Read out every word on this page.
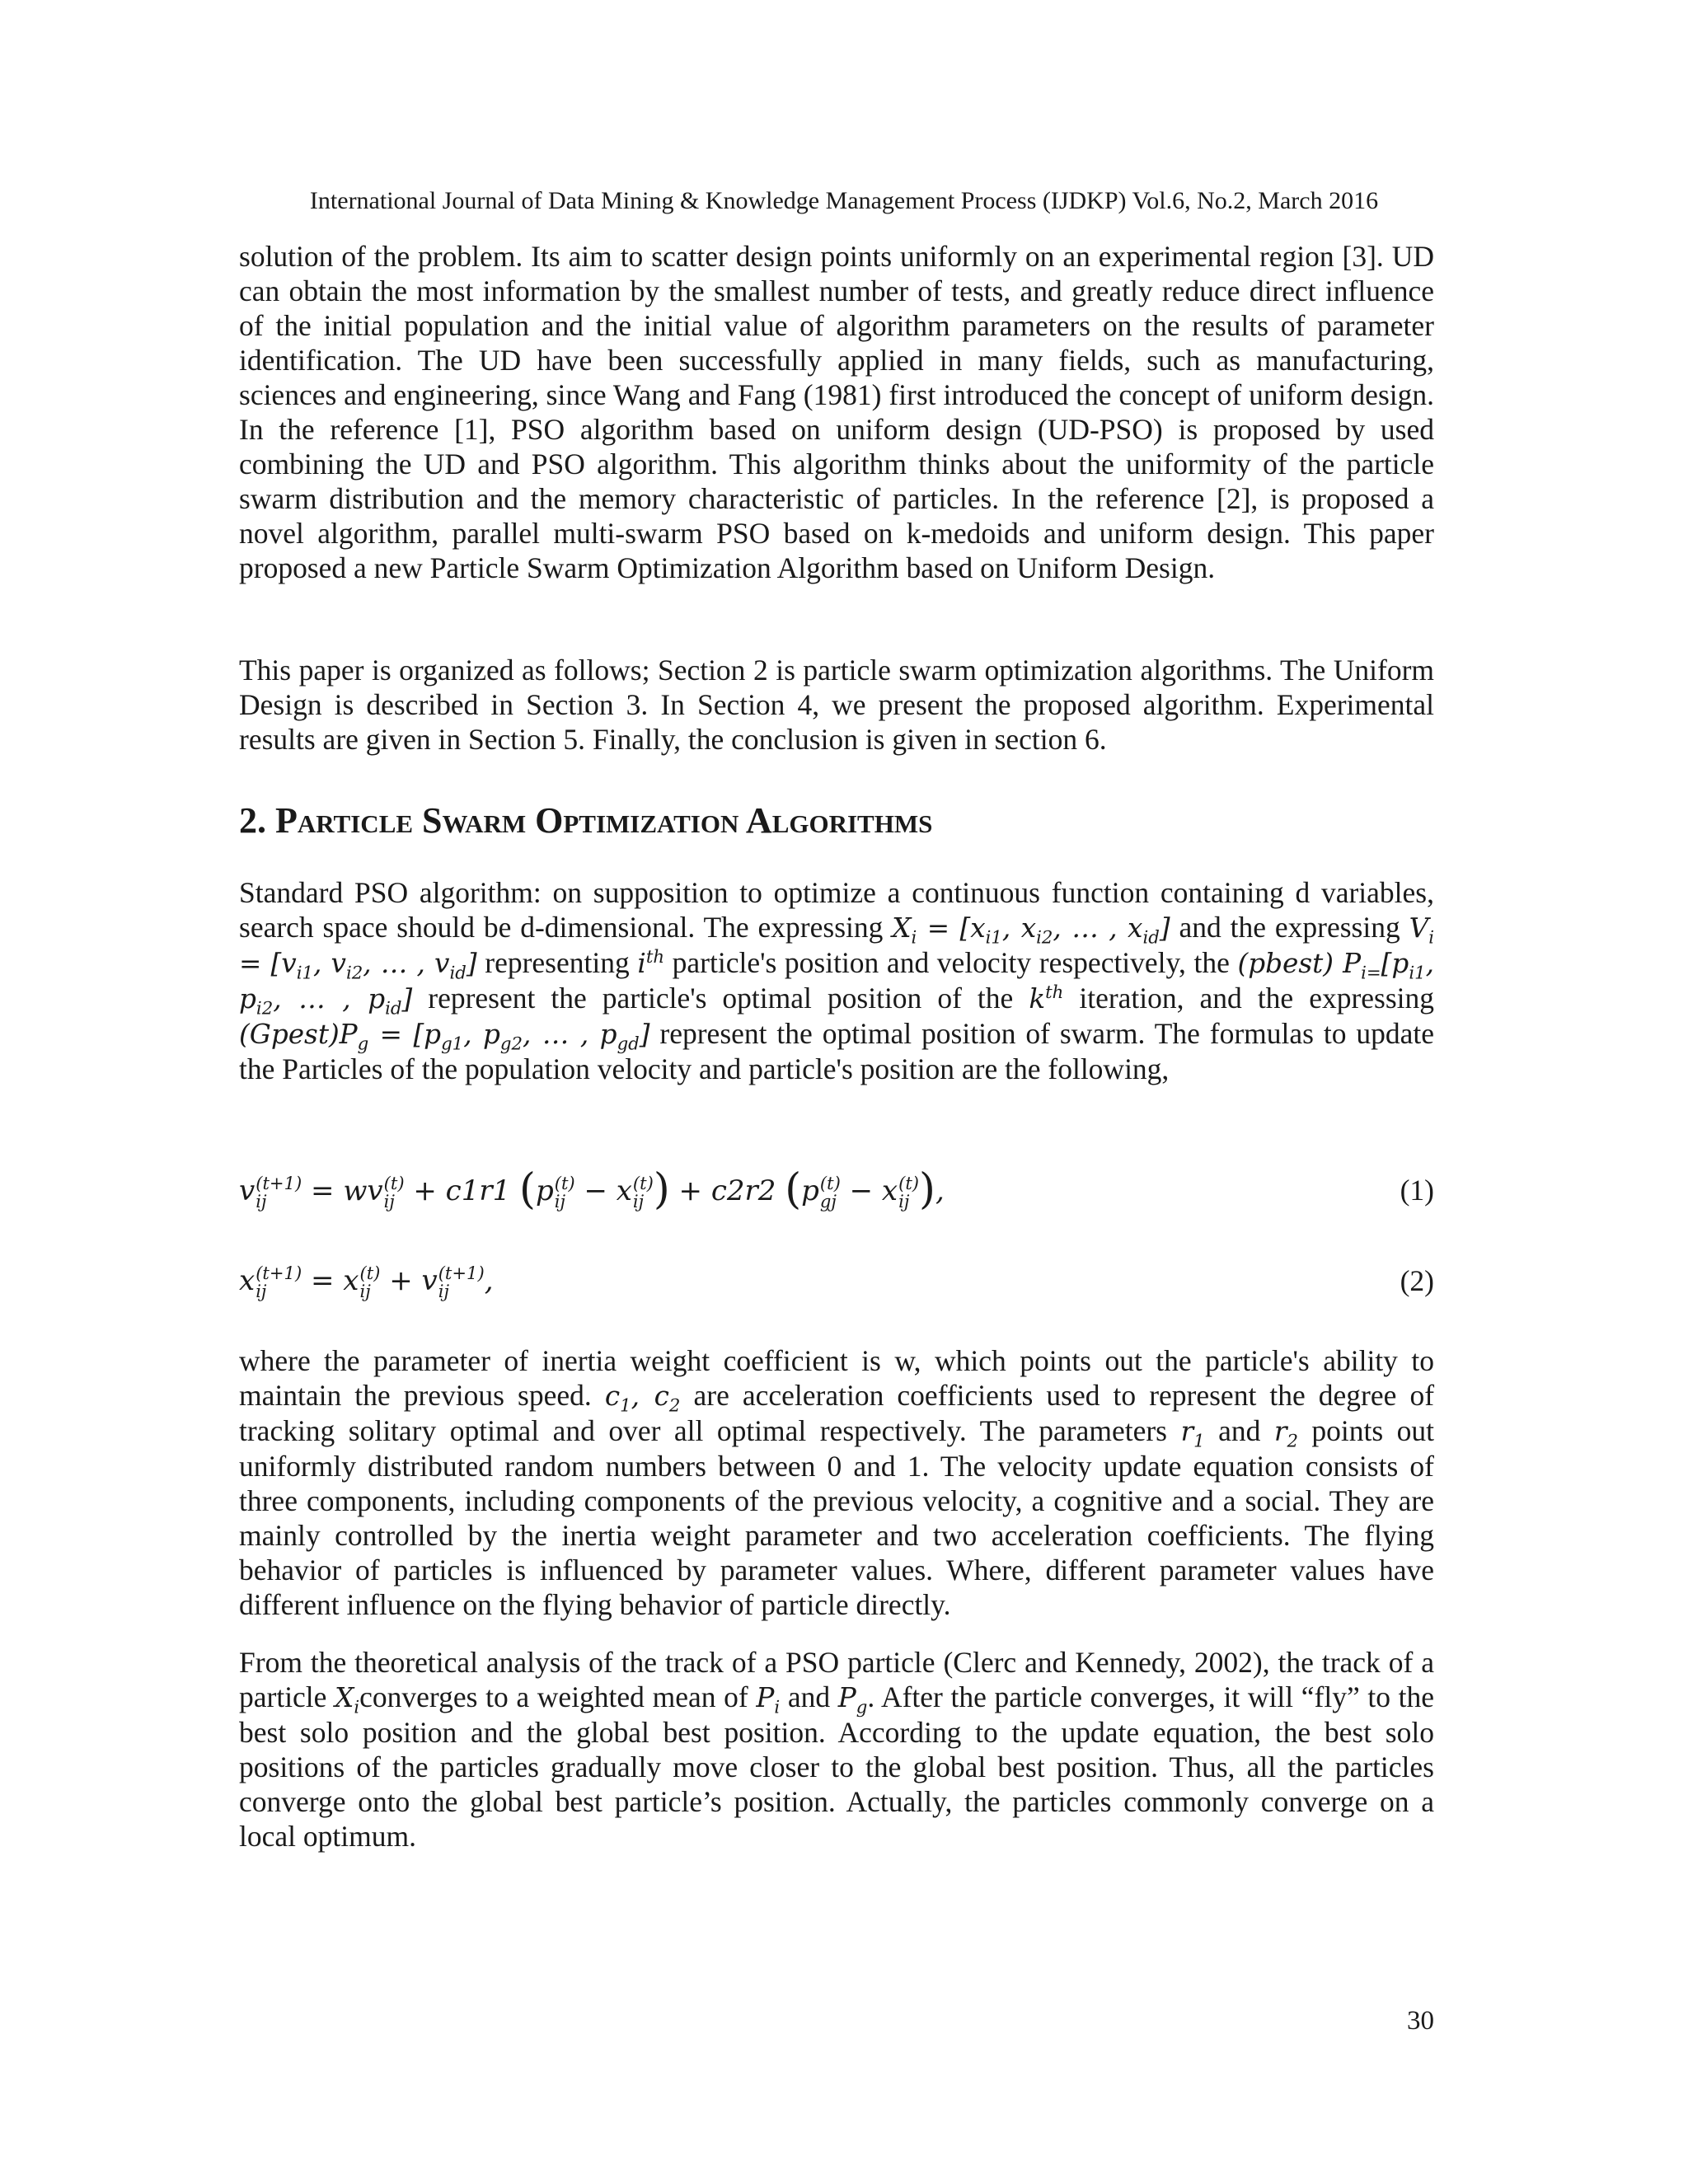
International Journal of Data Mining & Knowledge Management Process (IJDKP) Vol.6, No.2, March 2016

solution of the problem. Its aim to scatter design points uniformly on an experimental region [3]. UD can obtain the most information by the smallest number of tests, and greatly reduce direct influence of the initial population and the initial value of algorithm parameters on the results of parameter identification. The UD have been successfully applied in many fields, such as manufacturing, sciences and engineering, since Wang and Fang (1981) first introduced the concept of uniform design. In the reference [1], PSO algorithm based on uniform design (UD-PSO) is proposed by used combining the UD and PSO algorithm. This algorithm thinks about the uniformity of the particle swarm distribution and the memory characteristic of particles. In the reference [2], is proposed a novel algorithm, parallel multi-swarm PSO based on k-medoids and uniform design. This paper proposed a new Particle Swarm Optimization Algorithm based on Uniform Design.

This paper is organized as follows; Section 2 is particle swarm optimization algorithms. The Uniform Design is described in Section 3. In Section 4, we present the proposed algorithm. Experimental results are given in Section 5. Finally, the conclusion is given in section 6.

2. Particle Swarm Optimization Algorithms

Standard PSO algorithm: on supposition to optimize a continuous function containing d variables, search space should be d-dimensional. The expressing $X_i = [x_{i1}$, $x_{i2}$, … , $x_{id}$] and the expressing $V_i = [v_{i1}$, $v_{i2}$, … , $v_{id}$] representing $i^{th}$ particle's position and velocity respectively, the (pbest) $P_{i=}[p_{i1}$, $p_{i2}$, … , $p_{id}$] represent the particle's optimal position of the $k^{th}$ iteration, and the expressing $(Gpest)P_g = [p_{g1}$, $p_{g2}$, … , $p_{gd}$] represent the optimal position of swarm. The formulas to update the Particles of the population velocity and particle's position are the following,

v (t+1)
ij	= wv (t)
ij + c1r1 (p (t)
ij − x (t)
ij ) + c2r2 (p (t)
gj − x (t)
ij ),	(1)
x (t+1)
ij	= x (t)
ij + v (t+1)
ij	,	(2)

where the parameter of inertia weight coefficient is w, which points out the particle's ability to maintain the previous speed. $c_1$, $c_2$ are acceleration coefficients used to represent the degree of tracking solitary optimal and over all optimal respectively. The parameters $r_1$ and $r_2$ points out uniformly distributed random numbers between 0 and 1. The velocity update equation consists of three components, including components of the previous velocity, a cognitive and a social. They are mainly controlled by the inertia weight parameter and two acceleration coefficients. The flying behavior of particles is influenced by parameter values. Where, different parameter values have different influence on the flying behavior of particle directly.

From the theoretical analysis of the track of a PSO particle (Clerc and Kennedy, 2002), the track of a particle $X_iconverges$ to a weighted mean of $P_i$ and $P_g$. After the particle converges, it will “fly” to the best solo position and the global best position. According to the update equation, the best solo positions of the particles gradually move closer to the global best position. Thus, all the particles converge onto the global best particle’s position. Actually, the particles commonly converge on a local optimum.

30
